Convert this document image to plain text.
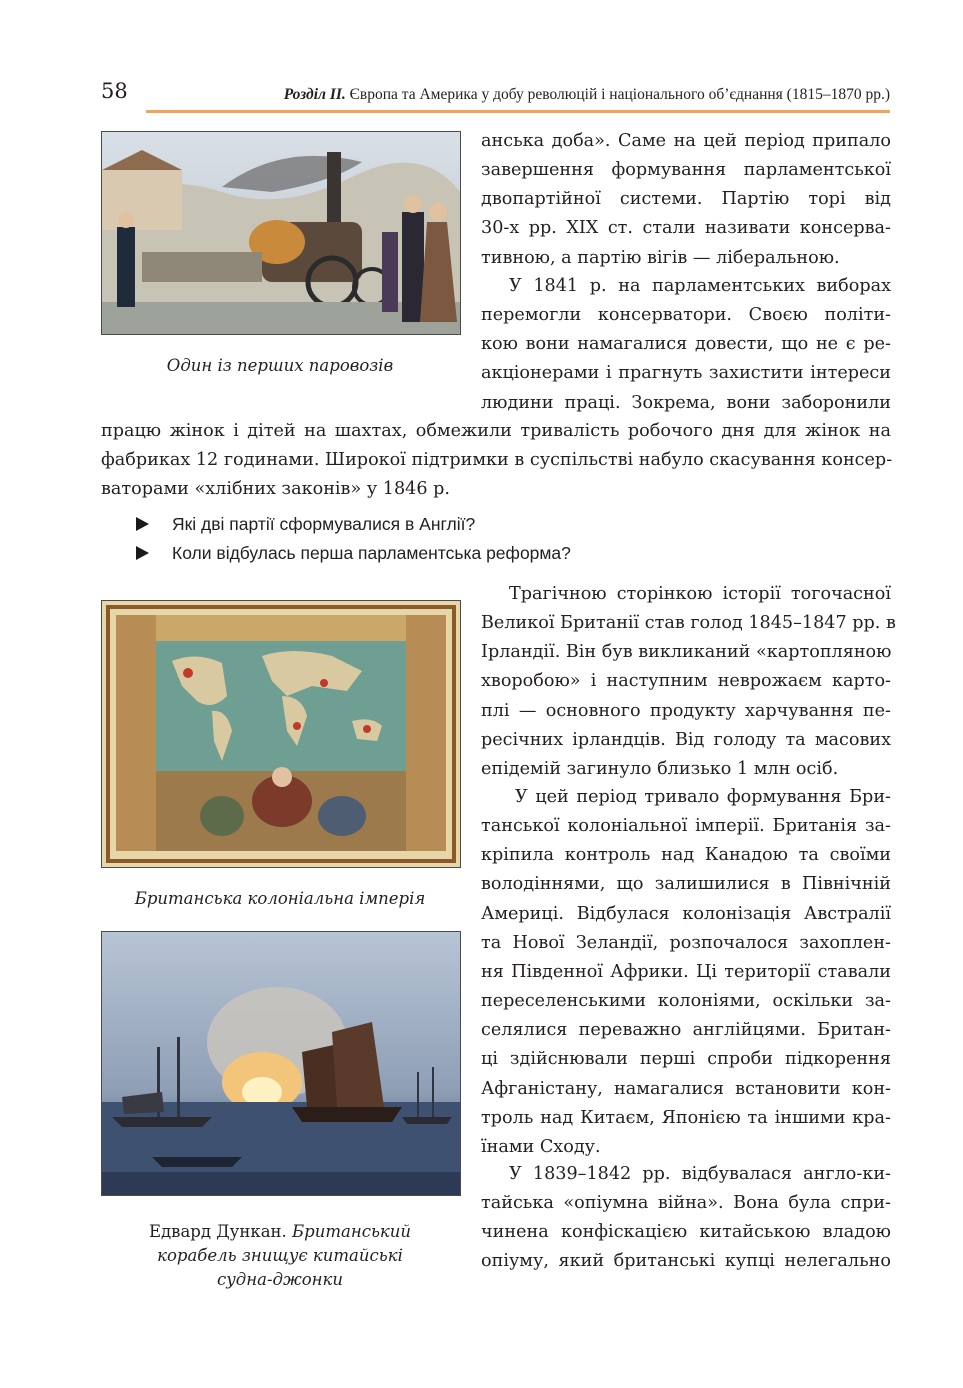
58	Розділ ІІ. Європа та Америка у добу революцій і національного об’єднання (1815–1870 рр.)
Один із перших паровозів

анська доба». Саме на цей період припало
завершення формування парламентської
двопартійної системи. Партію торі від
30-х рр. XIX ст. стали називати консерва-
тивною, а партію вігів — ліберальною.

У 1841 р. на парламентських виборах
перемогли консерватори. Своєю політи-
кою вони намагалися довести, що не є ре-
акціонерами і прагнуть захистити інтереси
людини праці. Зокрема, вони заборонили

працю жінок і дітей на шахтах, обмежили тривалість робочого дня для жінок на
фабриках 12 годинами. Широкої підтримки в суспільстві набуло скасування консер-
ваторами «хлібних законів» у 1846 р.

Які дві партії сформувалися в Англії?
Коли відбулась перша парламентська реформа?
Британська колоніальна імперія
Едвард Дункан. Британський
корабель знищує китайські
судна-джонки

Трагічною сторінкою історії тогочасної
Великої Британії став голод 1845–1847 рр. в
Ірландії. Він був викликаний «картопляною
хворобою» і наступним неврожаєм карто-
плі — основного продукту харчування пе-
ресічних ірландців. Від голоду та масових
епідемій загинуло близько 1 млн осіб.

У цей період тривало формування Бри-
танської колоніальної імперії. Британія за-
кріпила контроль над Канадою та своїми
володіннями, що залишилися в Північній
Америці. Відбулася колонізація Австралії
та Нової Зеландії, розпочалося захоплен-
ня Південної Африки. Ці території ставали
переселенськими колоніями, оскільки за-
селялися переважно англійцями. Британ-
ці здійснювали перші спроби підкорення
Афганістану, намагалися встановити кон-
троль над Китаєм, Японією та іншими кра-
їнами Сходу.

У 1839–1842 рр. відбувалася англо-ки-
тайська «опіумна війна». Вона була спри-
чинена конфіскацією китайською владою
опіуму, який британські купці нелегально
